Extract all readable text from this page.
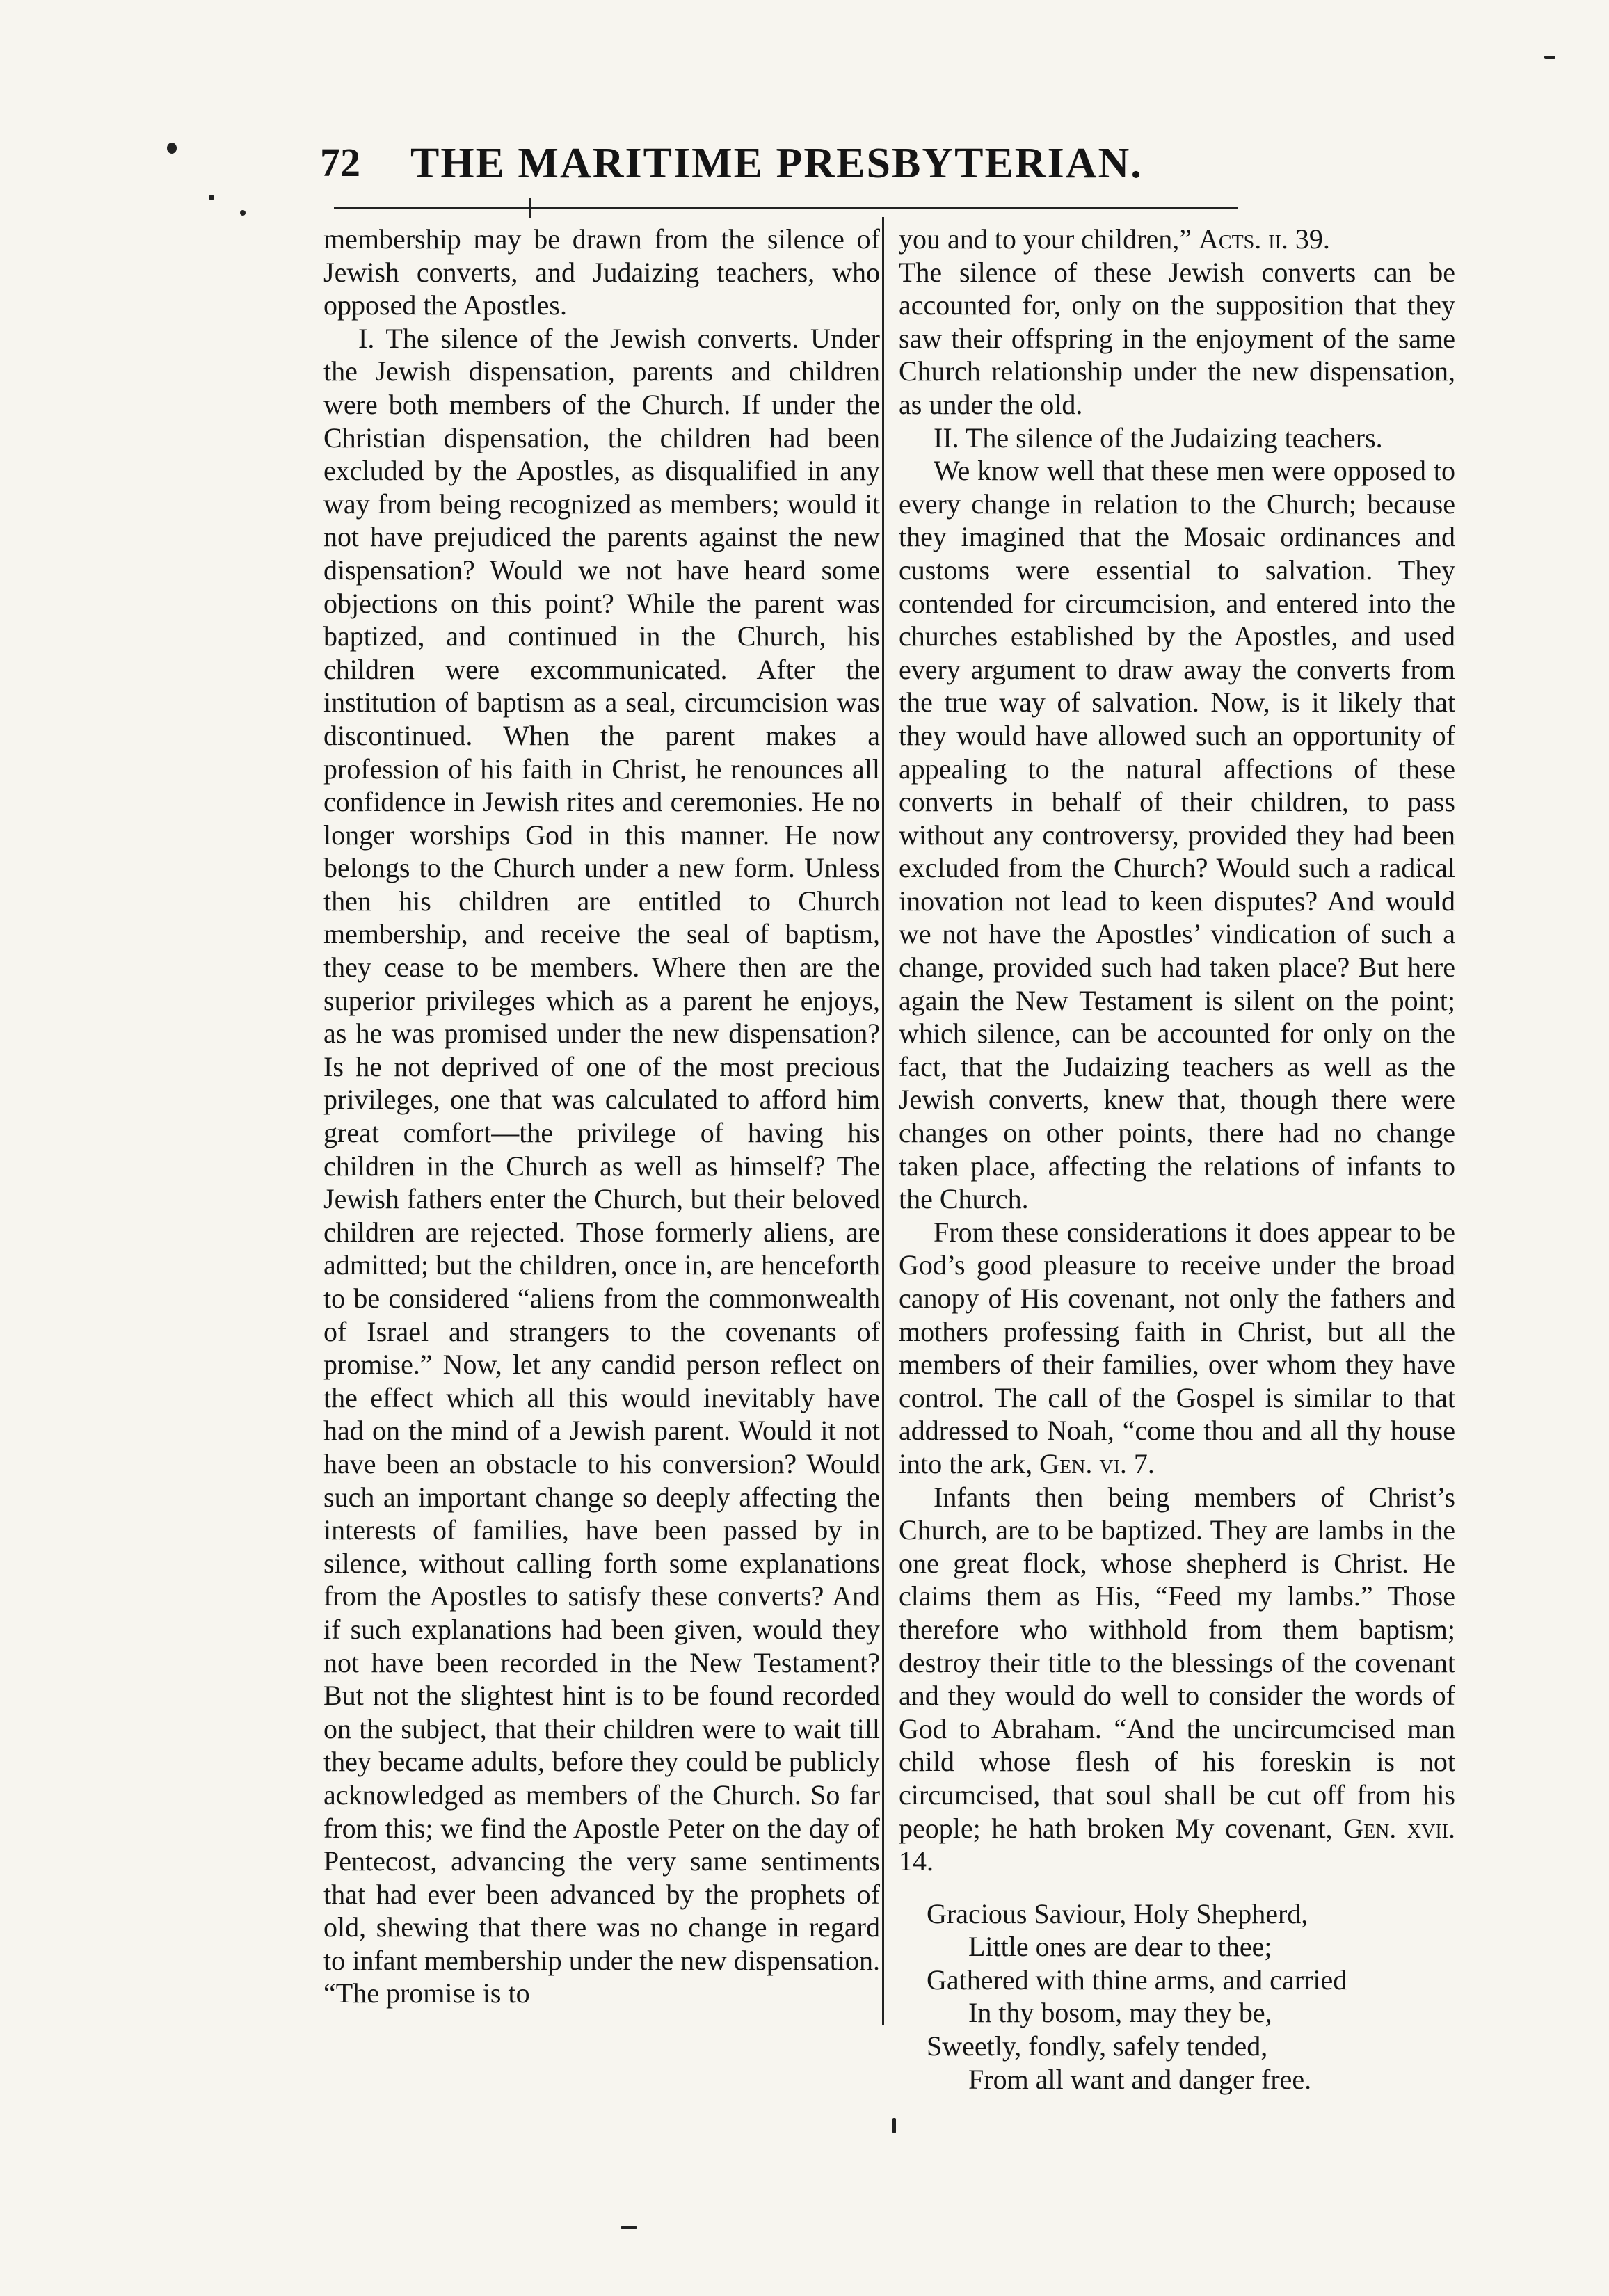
72 THE MARITIME PRESBYTERIAN.

membership may be drawn from the silence of Jewish converts, and Judaizing teachers, who opposed the Apostles.

I. The silence of the Jewish converts. Under the Jewish dispensation, parents and children were both members of the Church. If under the Christian dispensation, the children had been excluded by the Apostles, as disqualified in any way from being recognized as members; would it not have prejudiced the parents against the new dispensation? Would we not have heard some objections on this point? While the parent was baptized, and continued in the Church, his children were excommunicated. After the institution of baptism as a seal, circumcision was discontinued. When the parent makes a profession of his faith in Christ, he renounces all confidence in Jewish rites and ceremonies. He no longer worships God in this manner. He now belongs to the Church under a new form. Unless then his children are entitled to Church membership, and receive the seal of baptism, they cease to be members. Where then are the superior privileges which as a parent he enjoys, as he was promised under the new dispensation? Is he not deprived of one of the most precious privileges, one that was calculated to afford him great comfort—the privilege of having his children in the Church as well as himself? The Jewish fathers enter the Church, but their beloved children are rejected. Those formerly aliens, are admitted; but the children, once in, are henceforth to be considered “aliens from the commonwealth of Israel and strangers to the covenants of promise.” Now, let any candid person reflect on the effect which all this would inevitably have had on the mind of a Jewish parent. Would it not have been an obstacle to his conversion? Would such an important change so deeply affecting the interests of families, have been passed by in silence, without calling forth some explanations from the Apostles to satisfy these converts? And if such explanations had been given, would they not have been recorded in the New Testament? But not the slightest hint is to be found recorded on the subject, that their children were to wait till they became adults, before they could be publicly acknowledged as members of the Church. So far from this; we find the Apostle Peter on the day of Pentecost, advancing the very same sentiments that had ever been advanced by the prophets of old, shewing that there was no change in regard to infant membership under the new dispensation. “The promise is to

you and to your children,” Acts. ii. 39.

The silence of these Jewish converts can be accounted for, only on the supposition that they saw their offspring in the enjoyment of the same Church relationship under the new dispensation, as under the old.

II. The silence of the Judaizing teachers.

We know well that these men were opposed to every change in relation to the Church; because they imagined that the Mosaic ordinances and customs were essential to salvation. They contended for circumcision, and entered into the churches established by the Apostles, and used every argument to draw away the converts from the true way of salvation. Now, is it likely that they would have allowed such an opportunity of appealing to the natural affections of these converts in behalf of their children, to pass without any controversy, provided they had been excluded from the Church? Would such a radical inovation not lead to keen disputes? And would we not have the Apostles’ vindication of such a change, provided such had taken place? But here again the New Testament is silent on the point; which silence, can be accounted for only on the fact, that the Judaizing teachers as well as the Jewish converts, knew that, though there were changes on other points, there had no change taken place, affecting the relations of infants to the Church.

From these considerations it does appear to be God’s good pleasure to receive under the broad canopy of His covenant, not only the fathers and mothers professing faith in Christ, but all the members of their families, over whom they have control. The call of the Gospel is similar to that addressed to Noah, “come thou and all thy house into the ark, Gen. vi. 7.

Infants then being members of Christ’s Church, are to be baptized. They are lambs in the one great flock, whose shepherd is Christ. He claims them as His, “Feed my lambs.” Those therefore who withhold from them baptism; destroy their title to the blessings of the covenant and they would do well to consider the words of God to Abraham. “And the uncircumcised man child whose flesh of his foreskin is not circumcised, that soul shall be cut off from his people; he hath broken My covenant, Gen. xvii. 14.

Gracious Saviour, Holy Shepherd,
Little ones are dear to thee;
Gathered with thine arms, and carried
In thy bosom, may they be,
Sweetly, fondly, safely tended,
From all want and danger free.
